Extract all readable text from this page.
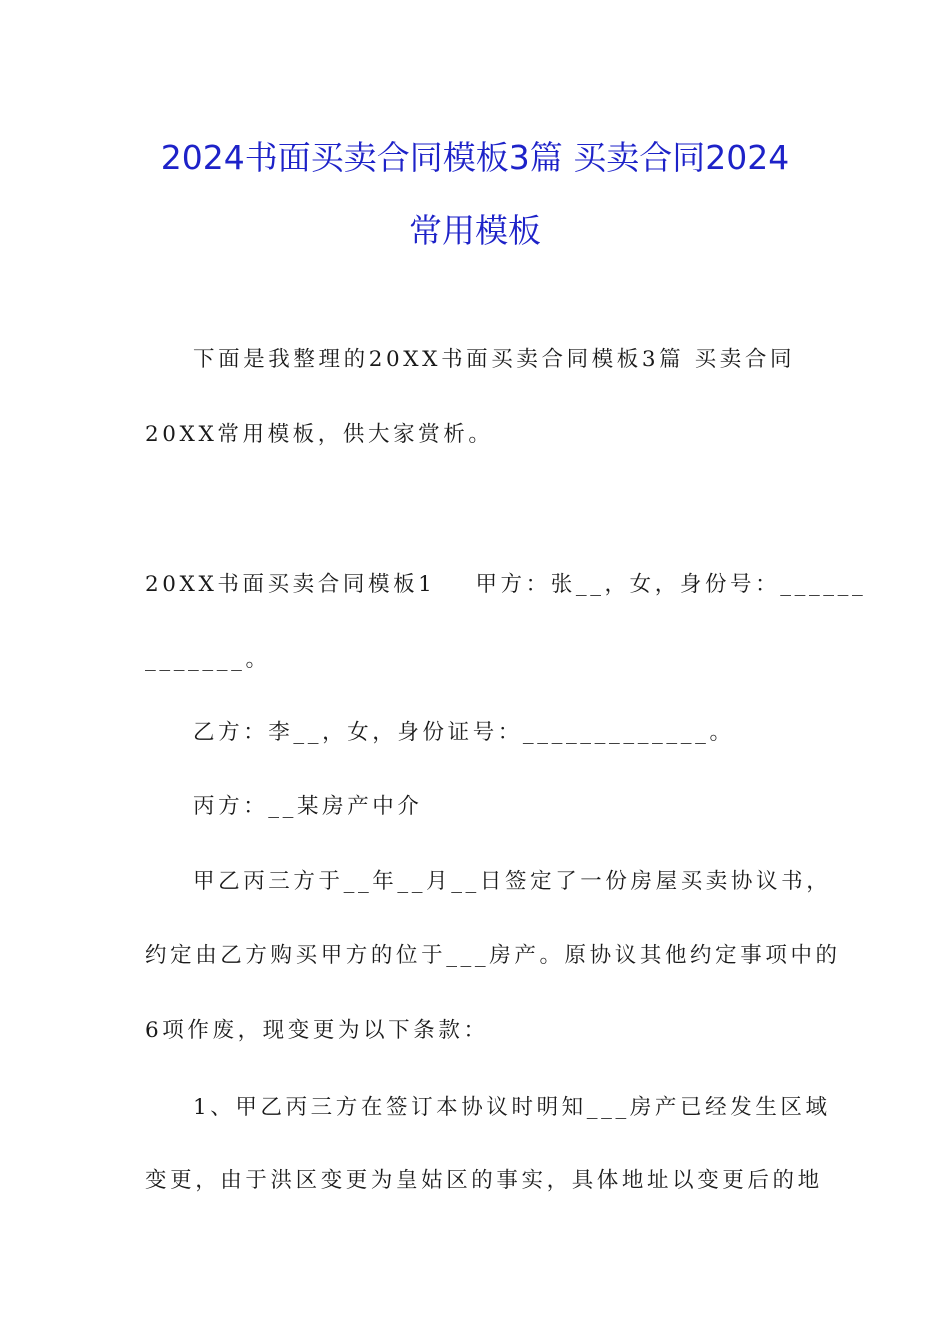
2024书面买卖合同模板3篇 买卖合同2024
常用模板
下面是我整理的20XX书面买卖合同模板3篇 买卖合同
20XX常用模板，供大家赏析。
20XX书面买卖合同模板1 甲方：张__，女，身份号：______
_______。
乙方：李__，女，身份证号：_____________。
丙方：__某房产中介
甲乙丙三方于__年__月__日签定了一份房屋买卖协议书，
约定由乙方购买甲方的位于___房产。原协议其他约定事项中的
6项作废，现变更为以下条款：
1、甲乙丙三方在签订本协议时明知___房产已经发生区域
变更，由于洪区变更为皇姑区的事实，具体地址以变更后的地
